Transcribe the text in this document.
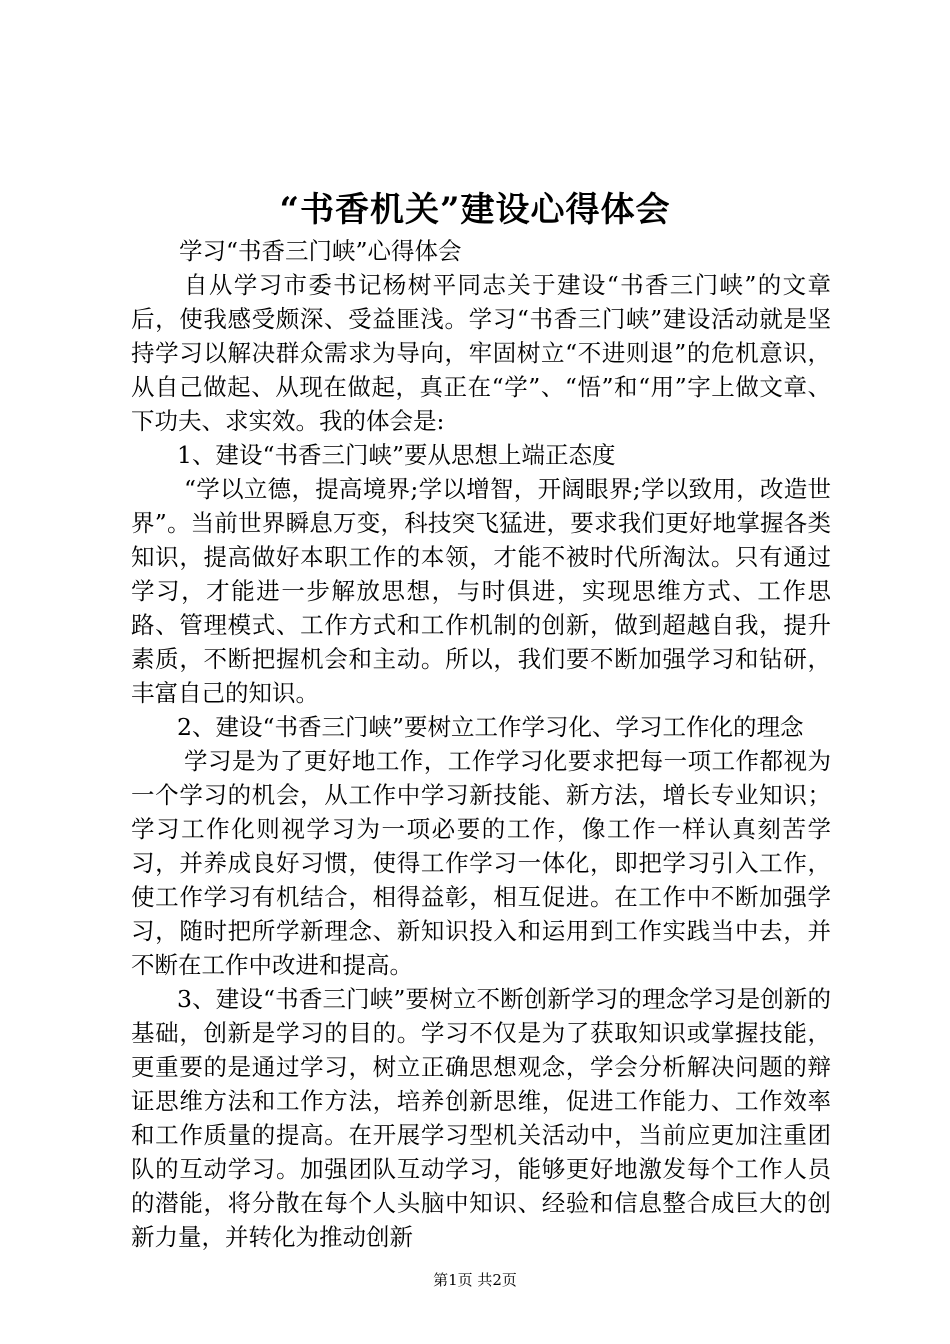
“书香机关”建设心得体会

学习“书香三门峡”心得体会

自从学习市委书记杨树平同志关于建设“书香三门峡”的文章后，使我感受颇深、受益匪浅。学习“书香三门峡”建设活动就是坚持学习以解决群众需求为导向，牢固树立“不进则退”的危机意识，从自己做起、从现在做起，真正在“学”、“悟”和“用”字上做文章、下功夫、求实效。我的体会是:

1、建设“书香三门峡”要从思想上端正态度

“学以立德，提高境界;学以增智，开阔眼界;学以致用，改造世界”。当前世界瞬息万变，科技突飞猛进，要求我们更好地掌握各类知识，提高做好本职工作的本领，才能不被时代所淘汰。只有通过学习，才能进一步解放思想，与时俱进，实现思维方式、工作思路、管理模式、工作方式和工作机制的创新，做到超越自我，提升素质，不断把握机会和主动。所以，我们要不断加强学习和钻研，丰富自己的知识。

2、建设“书香三门峡”要树立工作学习化、学习工作化的理念

学习是为了更好地工作，工作学习化要求把每一项工作都视为一个学习的机会，从工作中学习新技能、新方法，增长专业知识；学习工作化则视学习为一项必要的工作，像工作一样认真刻苦学习，并养成良好习惯，使得工作学习一体化，即把学习引入工作，使工作学习有机结合，相得益彰，相互促进。在工作中不断加强学习，随时把所学新理念、新知识投入和运用到工作实践当中去，并不断在工作中改进和提高。

3、建设“书香三门峡”要树立不断创新学习的理念学习是创新的基础，创新是学习的目的。学习不仅是为了获取知识或掌握技能，更重要的是通过学习，树立正确思想观念，学会分析解决问题的辩证思维方法和工作方法，培养创新思维，促进工作能力、工作效率和工作质量的提高。在开展学习型机关活动中，当前应更加注重团队的互动学习。加强团队互动学习，能够更好地激发每个工作人员的潜能，将分散在每个人头脑中知识、经验和信息整合成巨大的创新力量，并转化为推动创新

第1页 共2页
